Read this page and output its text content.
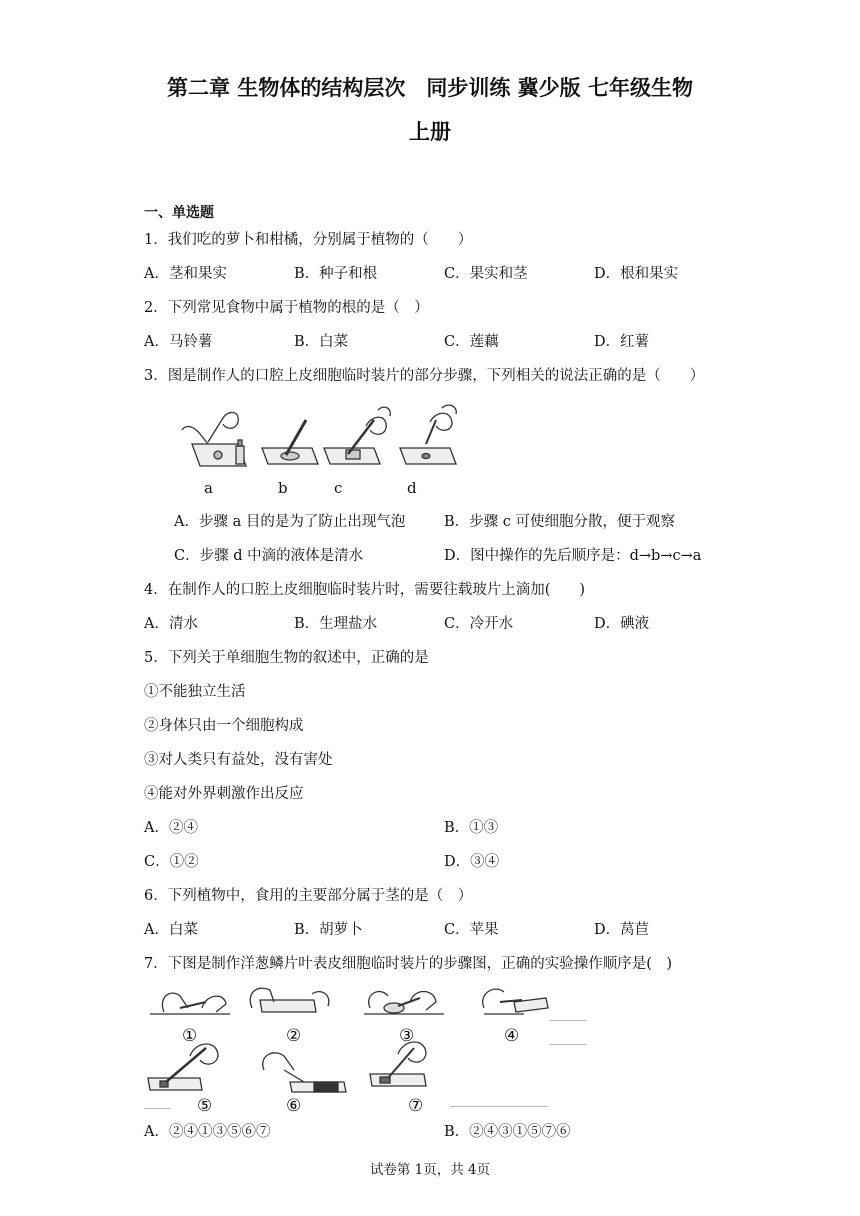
第二章 生物体的结构层次　同步训练 冀少版 七年级生物
上册
一、单选题
1．我们吃的萝卜和柑橘，分别属于植物的（　　）
A．茎和果实	B．种子和根	C．果实和茎	D．根和果实
2．下列常见食物中属于植物的根的是（　）
A．马铃薯	B．白菜	C．莲藕	D．红薯
3．图是制作人的口腔上皮细胞临时装片的部分步骤，下列相关的说法正确的是（　　）
a	b	c	d
A．步骤 a 目的是为了防止出现气泡	B．步骤 c 可使细胞分散，便于观察
C．步骤 d 中滴的液体是清水	D．图中操作的先后顺序是：d→b→c→a
4．在制作人的口腔上皮细胞临时装片时，需要往载玻片上滴加(　　)
A．清水	B．生理盐水	C．冷开水	D．碘液
5．下列关于单细胞生物的叙述中，正确的是
①不能独立生活
②身体只由一个细胞构成
③对人类只有益处，没有害处
④能对外界刺激作出反应
A．②④	B．①③
C．①②	D．③④
6．下列植物中，食用的主要部分属于茎的是（　）
A．白菜	B．胡萝卜	C．苹果	D．莴苣
7．下图是制作洋葱鳞片叶表皮细胞临时装片的步骤图，正确的实验操作顺序是(　)
①	②	③	④
⑤	⑥	⑦
A．②④①③⑤⑥⑦	B．②④③①⑤⑦⑥
试卷第 1页，共 4页
